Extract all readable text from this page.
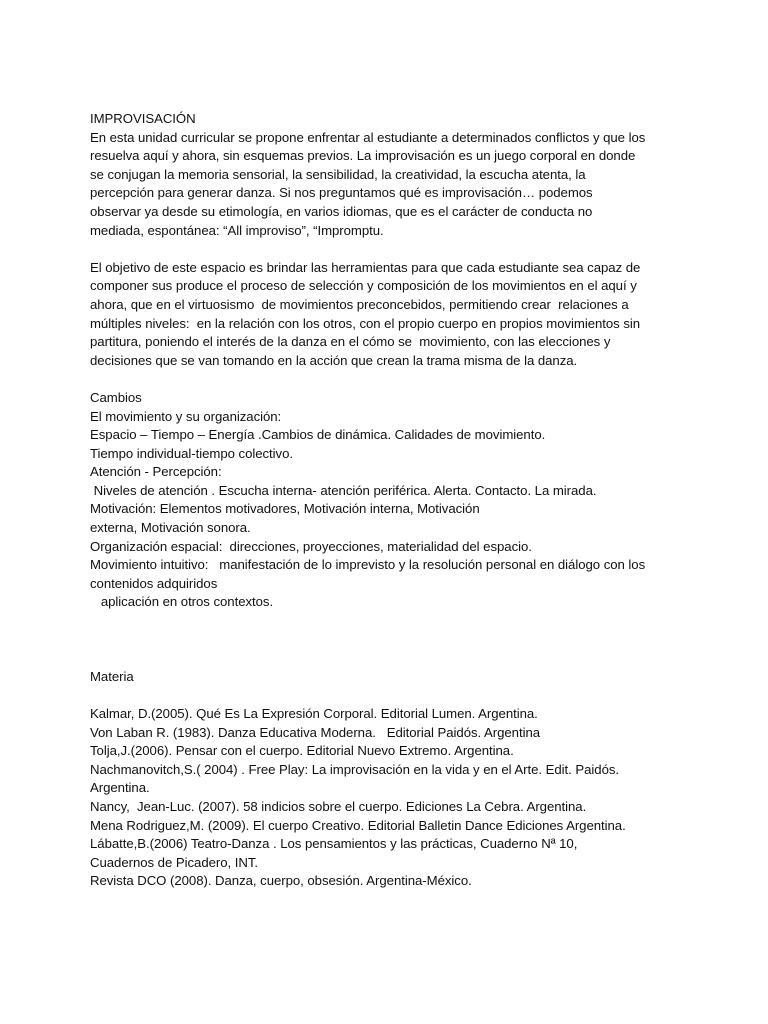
IMPROVISACIÓN
En esta unidad curricular se propone enfrentar al estudiante a determinados conflictos y que los
resuelva aquí y ahora, sin esquemas previos. La improvisación es un juego corporal en donde
se conjugan la memoria sensorial, la sensibilidad, la creatividad, la escucha atenta, la
percepción para generar danza. Si nos preguntamos qué es improvisación… podemos
observar ya desde su etimología, en varios idiomas, que es el carácter de conducta no
mediada, espontánea: “All improviso”, “Impromptu.
El objetivo de este espacio es brindar las herramientas para que cada estudiante sea capaz de
componer sus produce el proceso de selección y composición de los movimientos en el aquí y
ahora, que en el virtuosismo  de movimientos preconcebidos, permitiendo crear  relaciones a
múltiples niveles:  en la relación con los otros, con el propio cuerpo en propios movimientos sin
partitura, poniendo el interés de la danza en el cómo se  movimiento, con las elecciones y
decisiones que se van tomando en la acción que crean la trama misma de la danza.
Cambios
El movimiento y su organización:
Espacio – Tiempo – Energía .Cambios de dinámica. Calidades de movimiento.
Tiempo individual-tiempo colectivo.
Atención - Percepción:
Niveles de atención . Escucha interna- atención periférica. Alerta. Contacto. La mirada.
Motivación: Elementos motivadores, Motivación interna, Motivación
externa, Motivación sonora.
Organización espacial:  direcciones, proyecciones, materialidad del espacio.
Movimiento intuitivo:   manifestación de lo imprevisto y la resolución personal en diálogo con los
contenidos adquiridos
aplicación en otros contextos.
Materia
Kalmar, D.(2005). Qué Es La Expresión Corporal. Editorial Lumen. Argentina.
Von Laban R. (1983). Danza Educativa Moderna.   Editorial Paidós. Argentina
Tolja,J.(2006). Pensar con el cuerpo. Editorial Nuevo Extremo. Argentina.
Nachmanovitch,S.( 2004) . Free Play: La improvisación en la vida y en el Arte. Edit. Paidós.
Argentina.
Nancy,  Jean-Luc. (2007). 58 indicios sobre el cuerpo. Ediciones La Cebra. Argentina.
Mena Rodriguez,M. (2009). El cuerpo Creativo. Editorial Balletin Dance Ediciones Argentina.
Lábatte,B.(2006) Teatro-Danza . Los pensamientos y las prácticas, Cuaderno Nª 10,
Cuadernos de Picadero, INT.
Revista DCO (2008). Danza, cuerpo, obsesión. Argentina-México.
